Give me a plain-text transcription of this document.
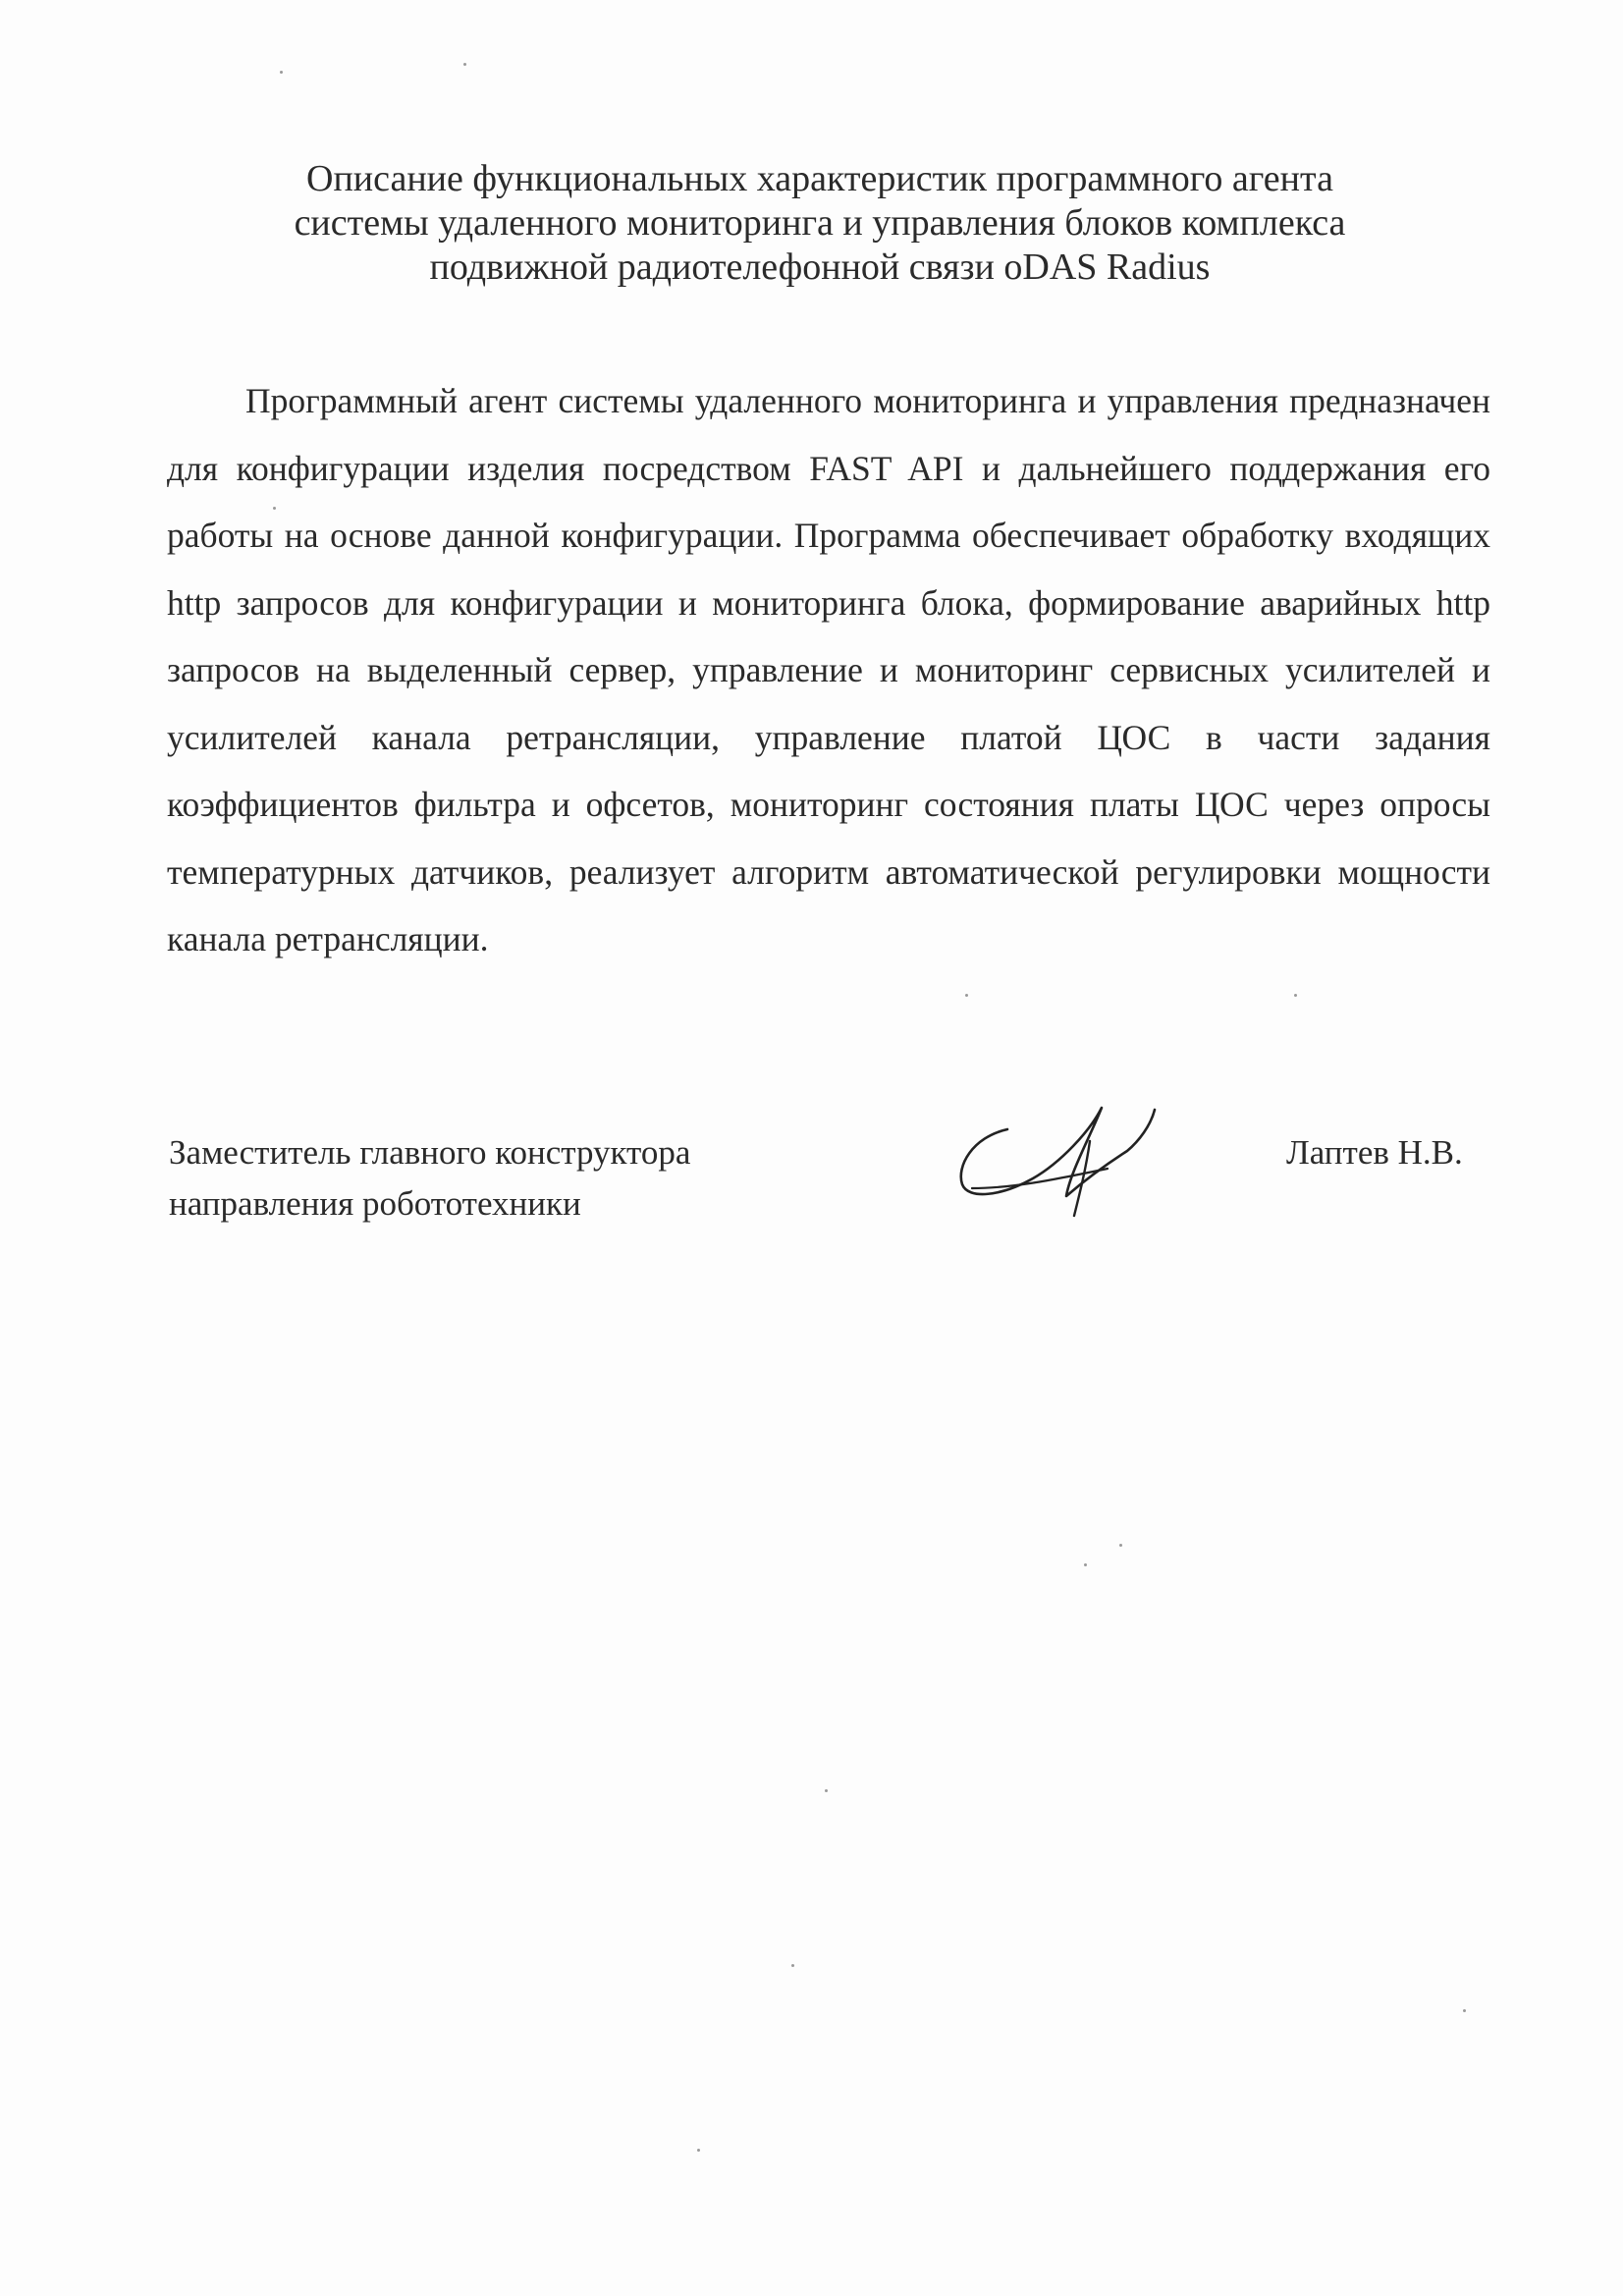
Описание функциональных характеристик программного агента
системы удаленного мониторинга и управления блоков комплекса
подвижной радиотелефонной связи oDAS Radius

Программный агент системы удаленного мониторинга и управления предназначен для конфигурации изделия посредством FAST API и дальнейшего поддержания его работы на основе данной конфигурации. Программа обеспечивает обработку входящих http запросов для конфигурации и мониторинга блока, формирование аварийных http запросов на выделенный сервер, управление и мониторинг сервисных усилителей и усилителей канала ретрансляции, управление платой ЦОС в части задания коэффициентов фильтра и офсетов, мониторинг состояния платы ЦОС через опросы температурных датчиков, реализует алгоритм автоматической регулировки мощности канала ретрансляции.

Заместитель главного конструктора
направления робототехники
Лаптев Н.В.
